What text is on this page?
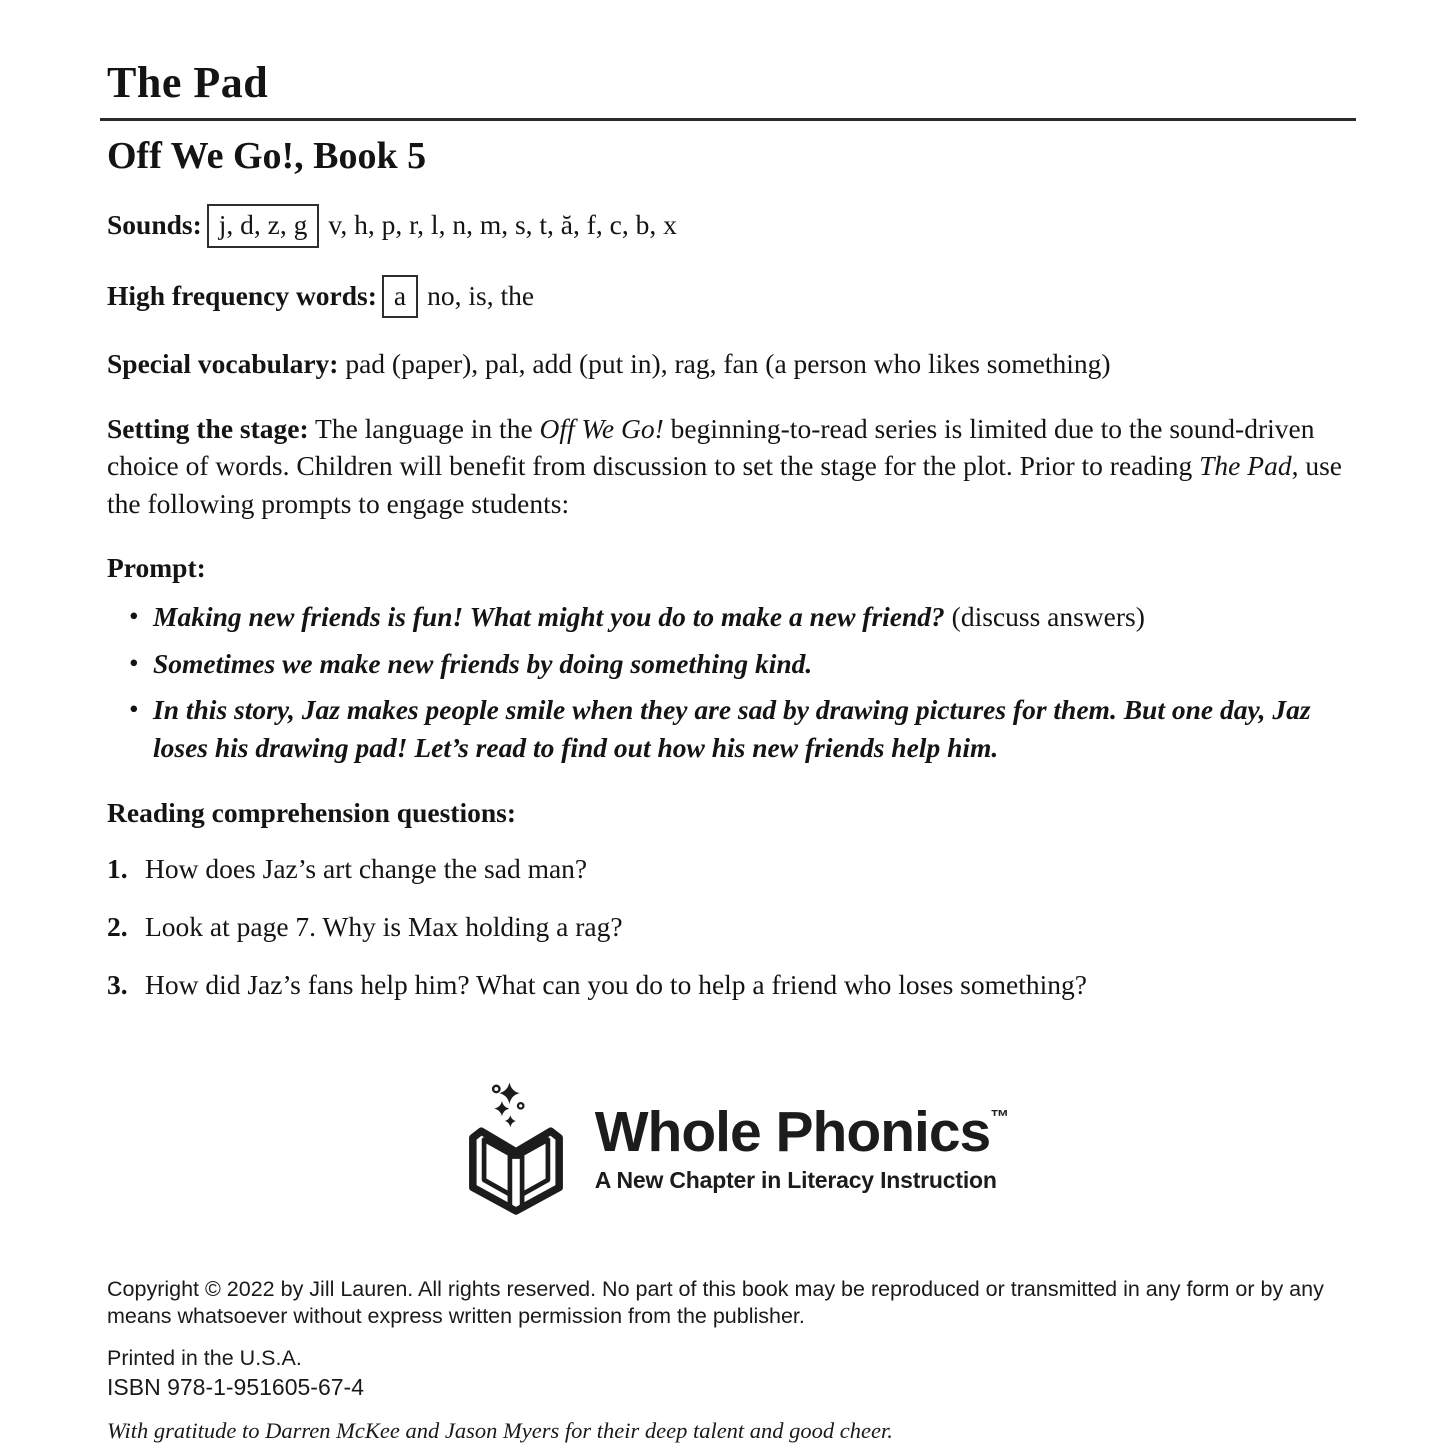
The Pad
Off We Go!, Book 5

Sounds: j, d, z, g v, h, p, r, l, n, m, s, t, ă, f, c, b, x

High frequency words: a no, is, the

Special vocabulary: pad (paper), pal, add (put in), rag, fan (a person who likes something)

Setting the stage: The language in the Off We Go! beginning-to-read series is limited due to the sound-driven choice of words. Children will benefit from discussion to set the stage for the plot. Prior to reading The Pad, use the following prompts to engage students:

Prompt:

• Making new friends is fun! What might you do to make a new friend? (discuss answers)
• Sometimes we make new friends by doing something kind.
• In this story, Jaz makes people smile when they are sad by drawing pictures for them. But one day, Jaz loses his drawing pad! Let’s read to find out how his new friends help him.

Reading comprehension questions:

1. How does Jaz’s art change the sad man?

2. Look at page 7. Why is Max holding a rag?

3. How did Jaz’s fans help him? What can you do to help a friend who loses something?

Whole Phonics™
A New Chapter in Literacy Instruction
Copyright © 2022 by Jill Lauren. All rights reserved. No part of this book may be reproduced or transmitted in any form or by any means whatsoever without express written permission from the publisher.
Printed in the U.S.A.
ISBN 978-1-951605-67-4
With gratitude to Darren McKee and Jason Myers for their deep talent and good cheer.
